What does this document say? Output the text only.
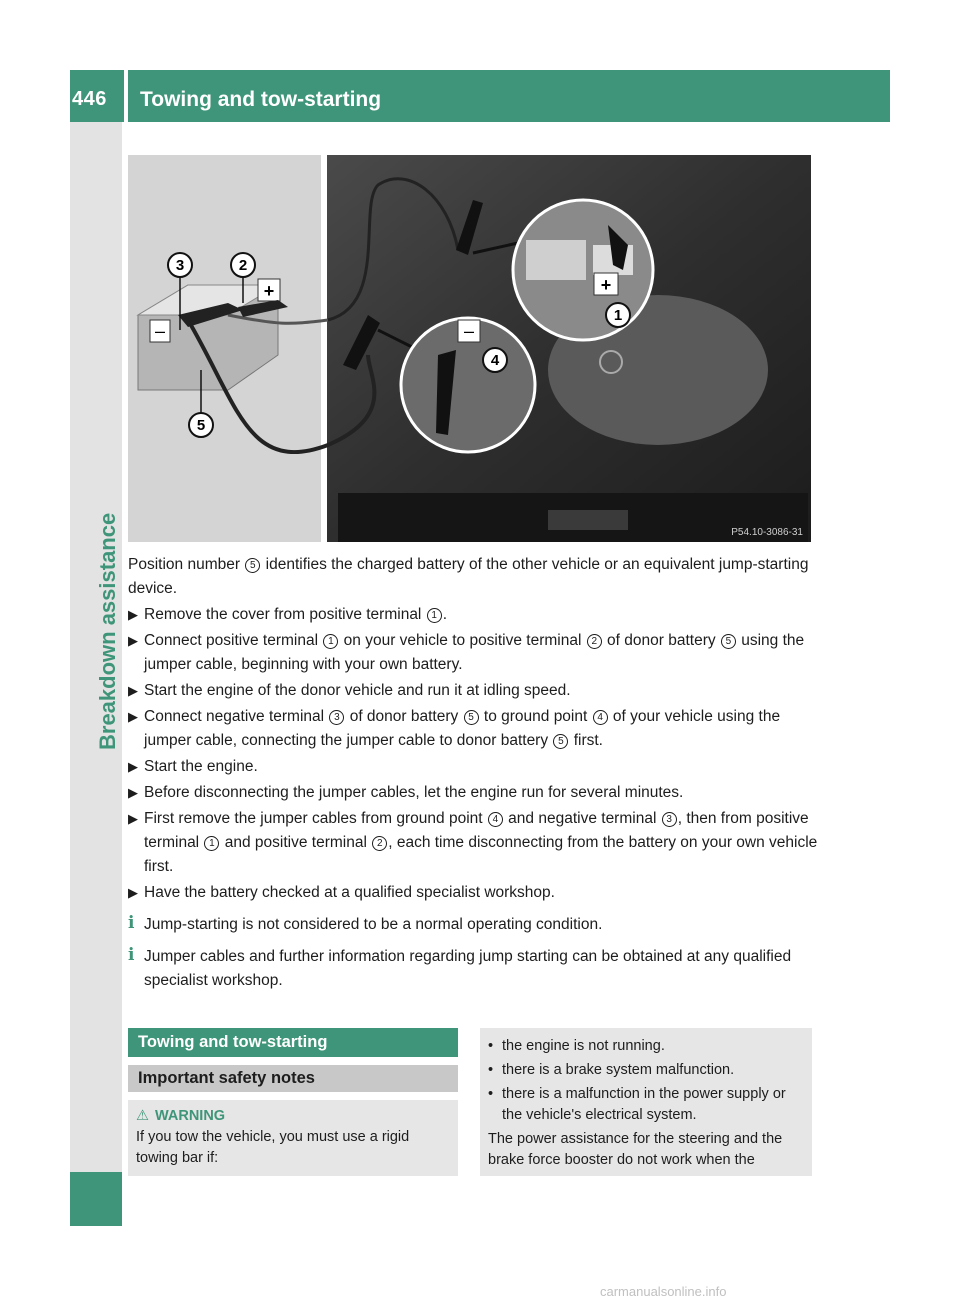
446	Towing and tow-starting
Breakdown assistance
–
+	+
–
3	2
5
1
4
P54.10-3086-31

Position number 5 identifies the charged battery of the other vehicle or an equivalent jump-starting device.

▶ Remove the cover from positive terminal 1 .
▶ Connect positive terminal 1 on your vehicle to positive terminal 2 of donor battery 5 using the jumper cable, beginning with your own battery.
▶ Start the engine of the donor vehicle and run it at idling speed.
▶ Connect negative terminal 3 of donor battery 5 to ground point 4 of your vehicle using the jumper cable, connecting the jumper cable to donor battery 5 first.
▶ Start the engine.
▶ Before disconnecting the jumper cables, let the engine run for several minutes.
▶ First remove the jumper cables from ground point 4 and negative terminal 3 , then from positive terminal 1 and positive terminal 2 , each time disconnecting from the battery on your own vehicle first.
▶ Have the battery checked at a qualified specialist workshop.
i Jump-starting is not considered to be a normal operating condition.
i Jumper cables and further information regarding jump starting can be obtained at any qualified specialist workshop.
Towing and tow-starting
Important safety notes
⚠ WARNING
If you tow the vehicle, you must use a rigid towing bar if:
• the engine is not running.
• there is a brake system malfunction.
• there is a malfunction in the power supply or the vehicle's electrical system.

The power assistance for the steering and the brake force booster do not work when the

carmanualsonline.info
